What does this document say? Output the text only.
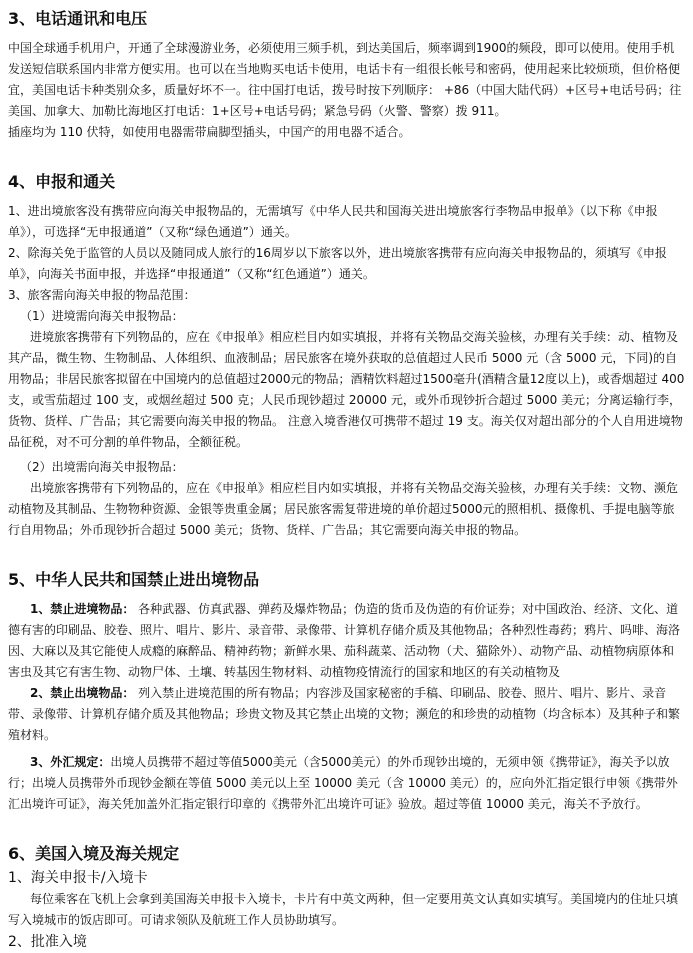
3、电话通讯和电压

中国全球通手机用户，开通了全球漫游业务，必须使用三频手机，到达美国后，频率调到1900的频段，即可以使用。使用手机发送短信联系国内非常方便实用。也可以在当地购买电话卡使用，电话卡有一组很长帐号和密码，使用起来比较烦琐，但价格便宜，美国电话卡种类别众多，质量好坏不一。往中国打电话，拨号时按下列顺序： +86（中国大陆代码）+区号+电话号码；往美国、加拿大、加勒比海地区打电话：1+区号+电话号码；紧急号码（火警、警察）拨 911。

插座均为 110 伏特，如使用电器需带扁脚型插头，中国产的用电器不适合。

4、申报和通关

1、进出境旅客没有携带应向海关申报物品的，无需填写《中华人民共和国海关进出境旅客行李物品申报单》（以下称《申报单》），可选择“无申报通道”（又称“绿色通道”）通关。

2、除海关免于监管的人员以及随同成人旅行的16周岁以下旅客以外，进出境旅客携带有应向海关申报物品的，须填写《申报单》，向海关书面申报，并选择“申报通道”（又称“红色通道”）通关。

3、旅客需向海关申报的物品范围：

（1）进境需向海关申报物品：

进境旅客携带有下列物品的，应在《申报单》相应栏目内如实填报，并将有关物品交海关验核，办理有关手续：动、植物及其产品，微生物、生物制品、人体组织、血液制品；居民旅客在境外获取的总值超过人民币 5000 元（含 5000 元，下同)的自用物品；非居民旅客拟留在中国境内的总值超过2000元的物品；酒精饮料超过1500毫升(酒精含量12度以上)，或香烟超过 400 支，或雪茄超过 100 支，或烟丝超过 500 克；人民币现钞超过 20000 元，或外币现钞折合超过 5000 美元；分离运输行李，货物、货样、广告品；其它需要向海关申报的物品。 注意入境香港仅可携带不超过 19 支。海关仅对超出部分的个人自用进境物品征税，对不可分割的单件物品，全额征税。

（2）出境需向海关申报物品：

出境旅客携带有下列物品的，应在《申报单》相应栏目内如实填报，并将有关物品交海关验核，办理有关手续：文物、濒危动植物及其制品、生物物种资源、金银等贵重金属；居民旅客需复带进境的单价超过5000元的照相机、摄像机、手提电脑等旅行自用物品；外币现钞折合超过 5000 美元；货物、货样、广告品；其它需要向海关申报的物品。

5、中华人民共和国禁止进出境物品

1、禁止进境物品： 各种武器、仿真武器、弹药及爆炸物品；伪造的货币及伪造的有价证券；对中国政治、经济、文化、道德有害的印刷品、胶卷、照片、唱片、影片、录音带、录像带、计算机存储介质及其他物品；各种烈性毒药；鸦片、吗啡、海洛因、大麻以及其它能使人成瘾的麻醉品、精神药物；新鲜水果、茄科蔬菜、活动物（犬、猫除外）、动物产品、动植物病原体和害虫及其它有害生物、动物尸体、土壤、转基因生物材料、动植物疫情流行的国家和地区的有关动植物及

2、禁止出境物品： 列入禁止进境范围的所有物品；内容涉及国家秘密的手稿、印刷品、胶卷、照片、唱片、影片、录音带、录像带、计算机存储介质及其他物品；珍贵文物及其它禁止出境的文物；濒危的和珍贵的动植物（均含标本）及其种子和繁殖材料。

3、外汇规定：出境人员携带不超过等值5000美元（含5000美元）的外币现钞出境的，无须申领《携带证》，海关予以放行；出境人员携带外币现钞金额在等值 5000 美元以上至 10000 美元（含 10000 美元）的，应向外汇指定银行申领《携带外汇出境许可证》，海关凭加盖外汇指定银行印章的《携带外汇出境许可证》验放。超过等值 10000 美元，海关不予放行。

6、美国入境及海关规定

1、海关申报卡/入境卡

每位乘客在飞机上会拿到美国海关申报卡入境卡，卡片有中英文两种，但一定要用英文认真如实填写。美国境内的住址只填写入境城市的饭店即可。可请求领队及航班工作人员协助填写。

2、批准入境
